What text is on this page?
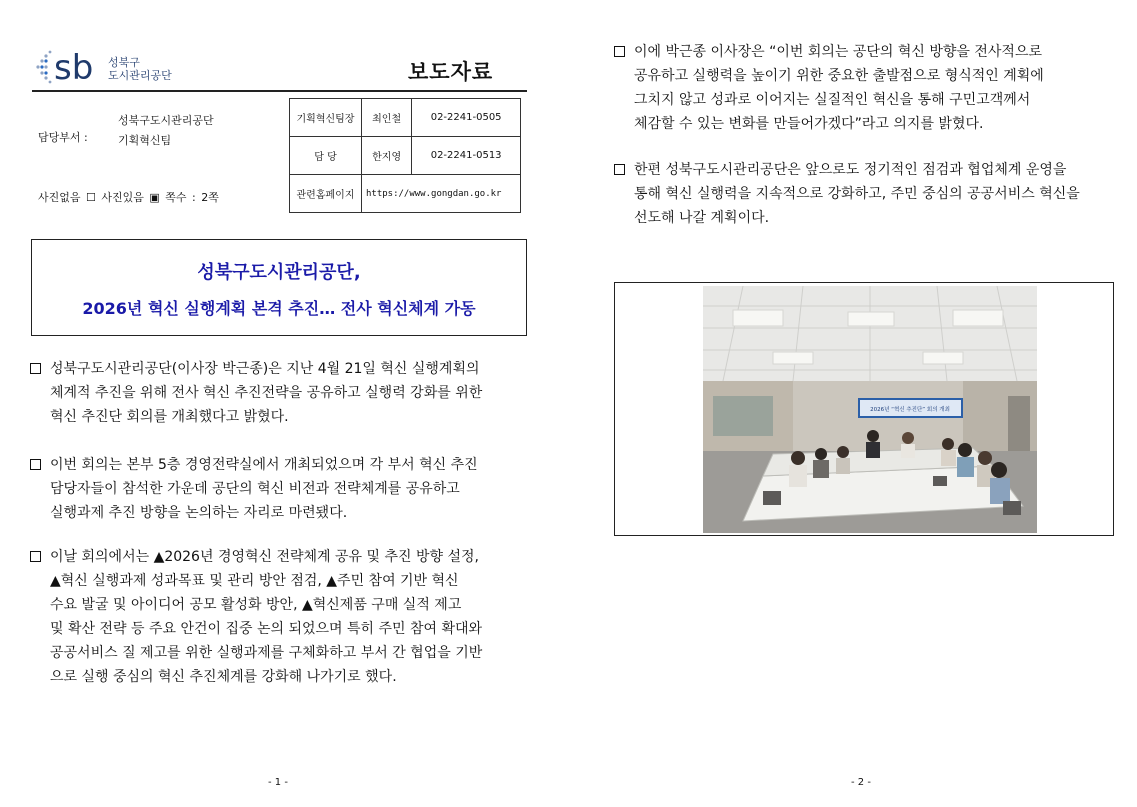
sb 성북구
도시관리공단	보도자료
성북구도시관리공단
담당부서 :	기획혁신팀
사진없음 ☐ 사진있음 ▣ 쪽수 : 2쪽
기획혁신팀장	최인철	02-2241-0505
담 당	한지영	02-2241-0513
관련홈페이지	https://www.gongdan.go.kr	
성북구도시관리공단,
2026년 혁신 실행계획 본격 추진… 전사 혁신체계 가동
성북구도시관리공단(이사장 박근종)은 지난 4월 21일 혁신 실행계획의
체계적 추진을 위해 전사 혁신 추진전략을 공유하고 실행력 강화를 위한
혁신 추진단 회의를 개최했다고 밝혔다.
이번 회의는 본부 5층 경영전략실에서 개최되었으며 각 부서 혁신 추진
담당자들이 참석한 가운데 공단의 혁신 비전과 전략체계를 공유하고
실행과제 추진 방향을 논의하는 자리로 마련됐다.
이날 회의에서는 ▲2026년 경영혁신 전략체계 공유 및 추진 방향 설정,
▲혁신 실행과제 성과목표 및 관리 방안 점검, ▲주민 참여 기반 혁신
수요 발굴 및 아이디어 공모 활성화 방안, ▲혁신제품 구매 실적 제고
및 확산 전략 등 주요 안건이 집중 논의 되었으며 특히 주민 참여 확대와
공공서비스 질 제고를 위한 실행과제를 구체화하고 부서 간 협업을 기반
으로 실행 중심의 혁신 추진체계를 강화해 나가기로 했다.
- 1 -
이에 박근종 이사장은 “이번 회의는 공단의 혁신 방향을 전사적으로
공유하고 실행력을 높이기 위한 중요한 출발점으로 형식적인 계획에
그치지 않고 성과로 이어지는 실질적인 혁신을 통해 구민고객께서
체감할 수 있는 변화를 만들어가겠다”라고 의지를 밝혔다.
한편 성북구도시관리공단은 앞으로도 정기적인 점검과 협업체계 운영을
통해 혁신 실행력을 지속적으로 강화하고, 주민 중심의 공공서비스 혁신을
선도해 나갈 계획이다.
2026년 “혁신 추진단” 회의 개최
- 2 -
